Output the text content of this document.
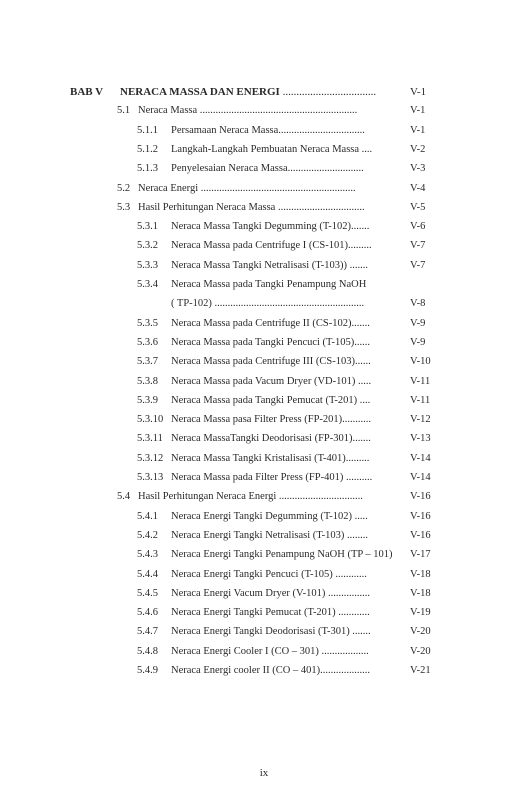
BAB V NERACA MASSA DAN ENERGI ..................................	V-1
5.1 Neraca Massa ............................................................	V-1
5.1.1 Persamaan Neraca Massa.................................	V-1
5.1.2 Langkah-Langkah Pembuatan Neraca Massa ....	V-2
5.1.3 Penyelesaian Neraca Massa.............................	V-3
5.2 Neraca Energi ...........................................................	V-4
5.3 Hasil Perhitungan Neraca Massa .................................	V-5
5.3.1 Neraca Massa Tangki Degumming (T-102).......	V-6
5.3.2 Neraca Massa pada Centrifuge I (CS-101).........	V-7
5.3.3 Neraca Massa Tangki Netralisasi (T-103)) .......	V-7
5.3.4 Neraca Massa pada Tangki Penampung NaOH
( TP-102) .........................................................	V-8
5.3.5 Neraca Massa pada Centrifuge II (CS-102).......	V-9
5.3.6 Neraca Massa pada Tangki Pencuci (T-105)......	V-9
5.3.7 Neraca Massa pada Centrifuge III (CS-103)......	V-10
5.3.8 Neraca Massa pada Vacum Dryer (VD-101) .....	V-11
5.3.9 Neraca Massa pada Tangki Pemucat (T-201) ....	V-11
5.3.10 Neraca Massa pasa Filter Press (FP-201)...........	V-12
5.3.11 Neraca MassaTangki Deodorisasi (FP-301).......	V-13
5.3.12 Neraca Massa Tangki Kristalisasi (T-401).........	V-14
5.3.13 Neraca Massa pada Filter Press (FP-401) ..........	V-14
5.4 Hasil Perhitungan Neraca Energi ................................	V-16
5.4.1 Neraca Energi Tangki Degumming (T-102) .....	V-16
5.4.2 Neraca Energi Tangki Netralisasi (T-103) ........	V-16
5.4.3 Neraca Energi Tangki Penampung NaOH (TP – 101) V-17
5.4.4 Neraca Energi Tangki Pencuci (T-105) ............	V-18
5.4.5 Neraca Energi Vacum Dryer (V-101) ................	V-18
5.4.6 Neraca Energi Tangki Pemucat (T-201) ............	V-19
5.4.7 Neraca Energi Tangki Deodorisasi (T-301) .......	V-20
5.4.8 Neraca Energi Cooler I (CO – 301) ..................	V-20
5.4.9 Neraca Energi cooler II (CO – 401)...................	V-21
ix
